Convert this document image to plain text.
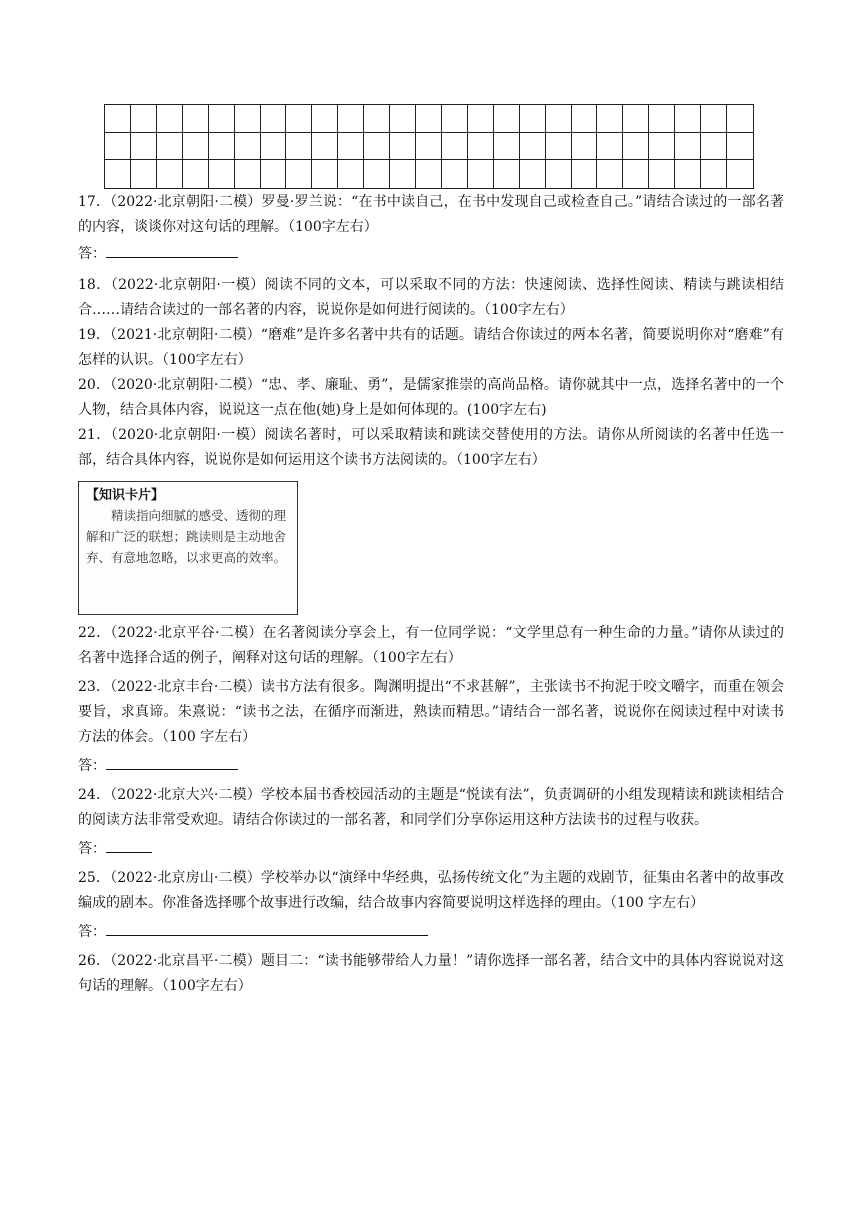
17．（2022·北京朝阳·二模）罗曼·罗兰说：“在书中读自己，在书中发现自己或检查自己。”请结合读过的一部名著的内容，谈谈你对这句话的理解。（100字左右）

答：

18．（2022·北京朝阳·一模）阅读不同的文本，可以采取不同的方法：快速阅读、选择性阅读、精读与跳读相结合……请结合读过的一部名著的内容，说说你是如何进行阅读的。（100字左右）

19．（2021·北京朝阳·二模）“磨难”是许多名著中共有的话题。请结合你读过的两本名著，简要说明你对“磨难”有怎样的认识。（100字左右）

20．（2020·北京朝阳·二模）“忠、孝、廉耻、勇”，是儒家推崇的高尚品格。请你就其中一点，选择名著中的一个人物，结合具体内容，说说这一点在他(她)身上是如何体现的。(100字左右)

21．（2020·北京朝阳·一模）阅读名著时，可以采取精读和跳读交替使用的方法。请你从所阅读的名著中任选一部，结合具体内容，说说你是如何运用这个读书方法阅读的。（100字左右）

【知识卡片】

精读指向细腻的感受、透彻的理解和广泛的联想；跳读则是主动地舍弃、有意地忽略，以求更高的效率。

22．（2022·北京平谷·二模）在名著阅读分享会上，有一位同学说：“文学里总有一种生命的力量。”请你从读过的名著中选择合适的例子，阐释对这句话的理解。（100字左右）

23．（2022·北京丰台·二模）读书方法有很多。陶渊明提出“不求甚解”，主张读书不拘泥于咬文嚼字，而重在领会要旨，求真谛。朱熹说：“读书之法，在循序而渐进，熟读而精思。”请结合一部名著，说说你在阅读过程中对读书方法的体会。（100 字左右）

答：

24．（2022·北京大兴·二模）学校本届书香校园活动的主题是“悦读有法”，负责调研的小组发现精读和跳读相结合的阅读方法非常受欢迎。请结合你读过的一部名著，和同学们分享你运用这种方法读书的过程与收获。

答：

25．（2022·北京房山·二模）学校举办以“演绎中华经典，弘扬传统文化”为主题的戏剧节，征集由名著中的故事改编成的剧本。你准备选择哪个故事进行改编，结合故事内容简要说明这样选择的理由。（100 字左右）

答：

26．（2022·北京昌平·二模）题目二：“读书能够带给人力量！”请你选择一部名著，结合文中的具体内容说说对这句话的理解。（100字左右）
